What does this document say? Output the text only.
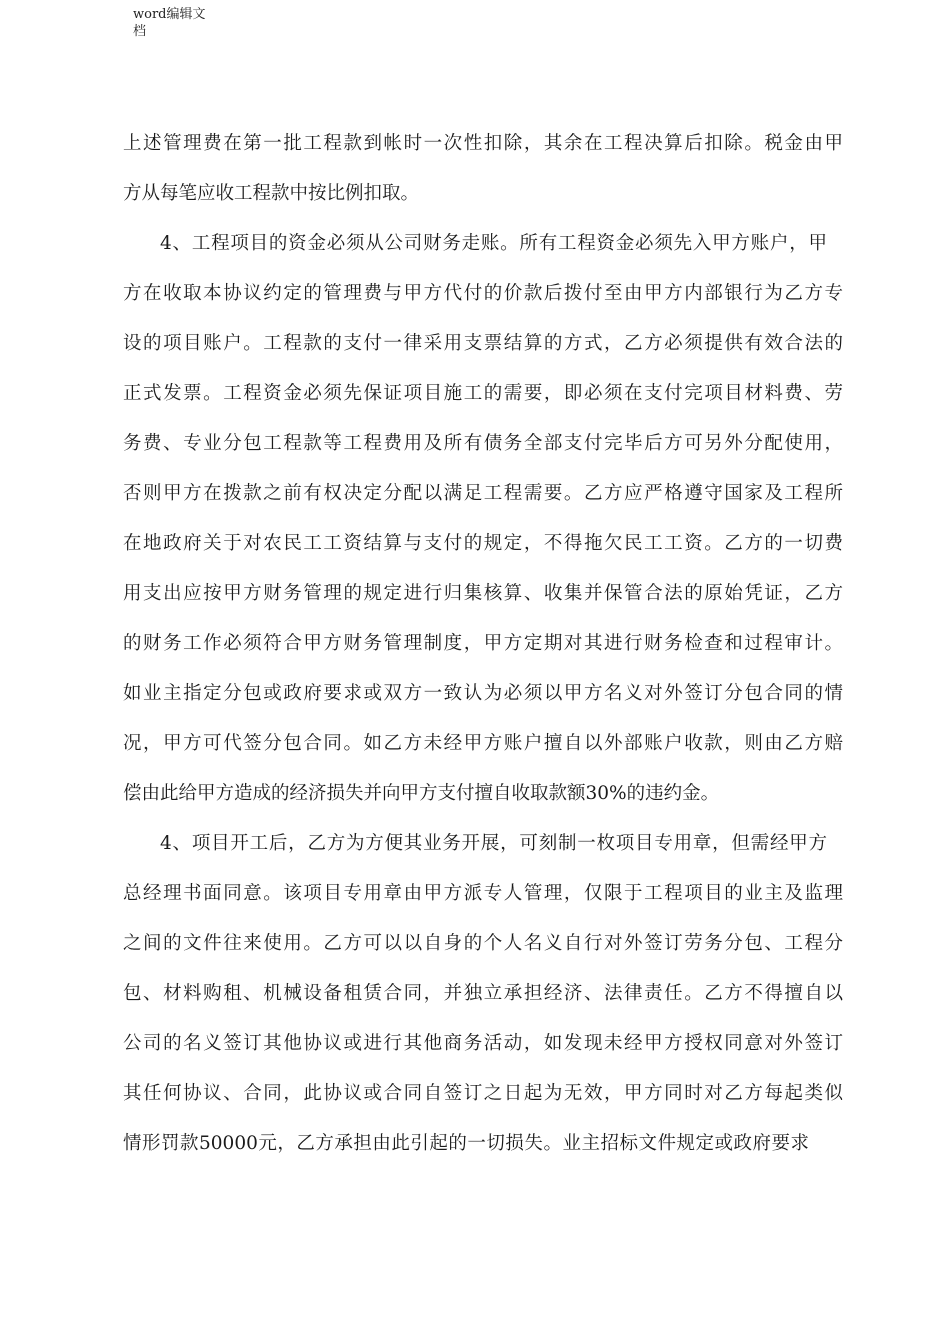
word编辑文
档
上述管理费在第一批工程款到帐时一次性扣除，其余在工程决算后扣除。税金由甲
方从每笔应收工程款中按比例扣取。
4、工程项目的资金必须从公司财务走账。所有工程资金必须先入甲方账户，甲
方在收取本协议约定的管理费与甲方代付的价款后拨付至由甲方内部银行为乙方专
设的项目账户。工程款的支付一律采用支票结算的方式，乙方必须提供有效合法的
正式发票。工程资金必须先保证项目施工的需要，即必须在支付完项目材料费、劳
务费、专业分包工程款等工程费用及所有债务全部支付完毕后方可另外分配使用，
否则甲方在拨款之前有权决定分配以满足工程需要。乙方应严格遵守国家及工程所
在地政府关于对农民工工资结算与支付的规定，不得拖欠民工工资。乙方的一切费
用支出应按甲方财务管理的规定进行归集核算、收集并保管合法的原始凭证，乙方
的财务工作必须符合甲方财务管理制度，甲方定期对其进行财务检查和过程审计。
如业主指定分包或政府要求或双方一致认为必须以甲方名义对外签订分包合同的情
况，甲方可代签分包合同。如乙方未经甲方账户擅自以外部账户收款，则由乙方赔
偿由此给甲方造成的经济损失并向甲方支付擅自收取款额30%的违约金。
4、项目开工后，乙方为方便其业务开展，可刻制一枚项目专用章，但需经甲方
总经理书面同意。该项目专用章由甲方派专人管理，仅限于工程项目的业主及监理
之间的文件往来使用。乙方可以以自身的个人名义自行对外签订劳务分包、工程分
包、材料购租、机械设备租赁合同，并独立承担经济、法律责任。乙方不得擅自以
公司的名义签订其他协议或进行其他商务活动，如发现未经甲方授权同意对外签订
其任何协议、合同，此协议或合同自签订之日起为无效，甲方同时对乙方每起类似
情形罚款50000元，乙方承担由此引起的一切损失。业主招标文件规定或政府要求
